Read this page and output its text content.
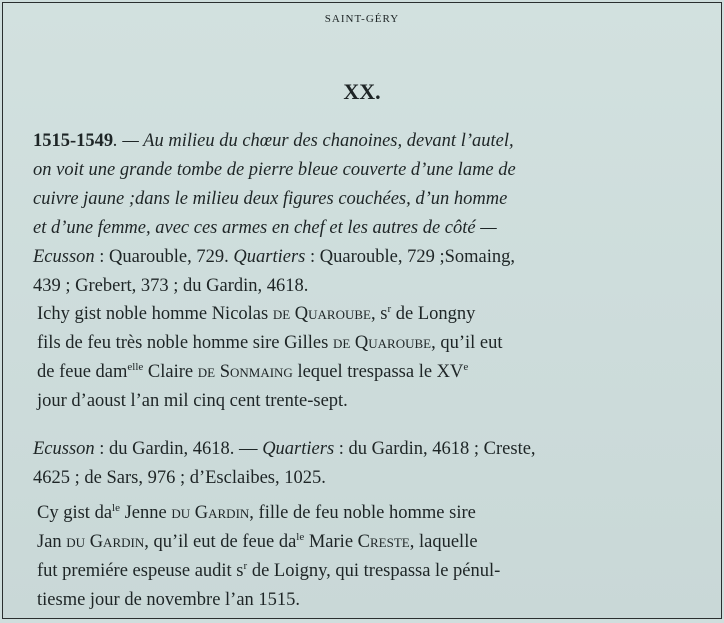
SAINT-GÉRY
XX.
1515-1549. — Au milieu du chœur des chanoines, devant l’autel,
on voit une grande tombe de pierre bleue couverte d’une lame de
cuivre jaune ;dans le milieu deux figures couchées, d’un homme
et d’une femme, avec ces armes en chef et les autres de côté —
Ecusson : Quarouble, 729. Quartiers : Quarouble, 729 ;Somaing,
439 ; Grebert, 373 ; du Gardin, 4618.
Ichy gist noble homme Nicolas de Quaroube, $s^r$ de Longny
fils de feu très noble homme sire Gilles de Quaroube, qu’il eut
de feue dam$^{elle}$ Claire de Sonmaing lequel trespassa le XVe
jour d’aoust l’an mil cinq cent trente-sept.
Ecusson : du Gardin, 4618. — Quartiers : du Gardin, 4618 ; Creste,
4625 ; de Sars, 976 ; d’Esclaibes, 1025.
Cy gist $da^{le}$ Jenne du Gardin, fille de feu noble homme sire
Jan du Gardin, qu’il eut de feue $da^{le}$ Marie Creste, laquelle
fut premiére espeuse audit $s^r$ de Loigny, qui trespassa le pénul-
tiesme jour de novembre l’an 1515.
